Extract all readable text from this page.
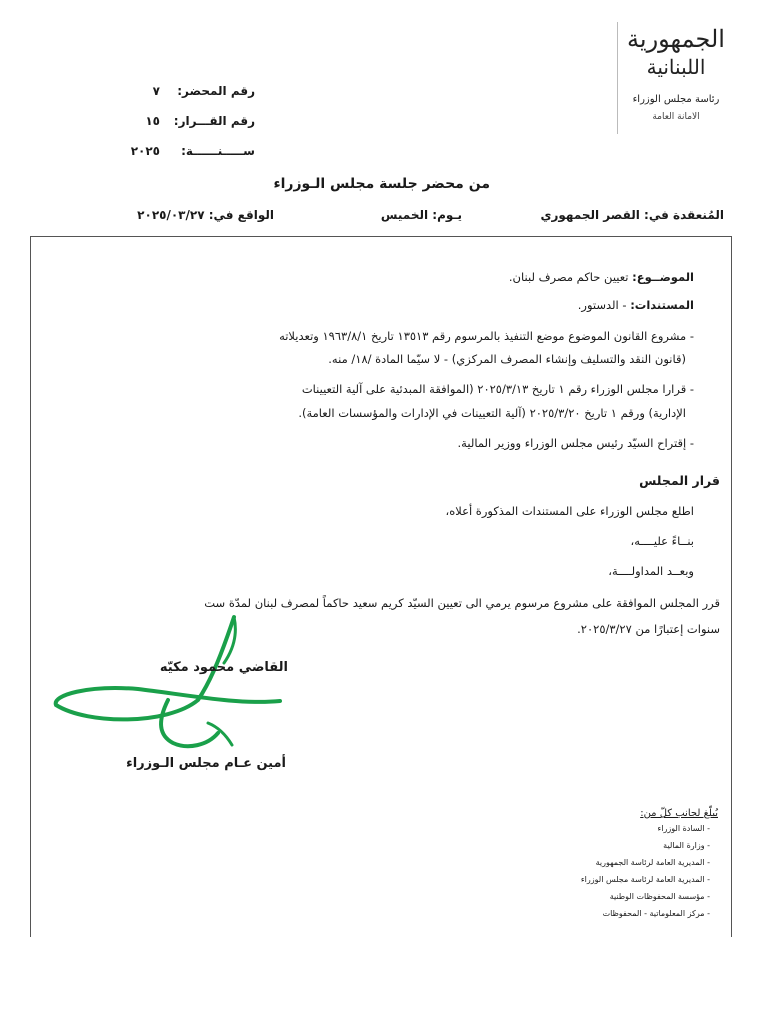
الجمهورية
اللبنانية
رئاسة مجلس الوزراء
الامانة العامة
رقم المحضر:
٧
رقم القـــرار:
١٥
ســـــنــــــة:
٢٠٢٥
من محضر جلسة مجلس الـوزراء
المُنعقدة في: القصر الجمهوري
يـوم: الخميس
الواقع في: ٢٠٢٥/٠٣/٢٧
الموضــوع: تعيين حاكم مصرف لبنان.
المستندات: - الدستور.
- مشروع القانون الموضوع موضع التنفيذ بالمرسوم رقم ١٣٥١٣ تاريخ ١٩٦٣/٨/١ وتعديلاته
(قانون النقد والتسليف وإنشاء المصرف المركزي) - لا سيّما المادة /١٨/ منه.
- قرارا مجلس الوزراء رقم ١ تاريخ ٢٠٢٥/٣/١٣ (الموافقة المبدئية على آلية التعيينات
الإدارية) ورقم ١ تاريخ ٢٠٢٥/٣/٢٠ (آلية التعيينات في الإدارات والمؤسسات العامة).
- إقتراح السيّد رئيس مجلس الوزراء ووزير المالية.
قرار المجلس
اطلع مجلس الوزراء على المستندات المذكورة أعلاه،
بنــاءً عليــــه،
وبعــد المداولــــة،
قرر المجلس الموافقة على مشروع مرسوم يرمي الى تعيين السيّد كريم سعيد حاكماً لمصرف لبنان لمدّة ست
سنوات إعتبارًا من ٢٠٢٥/٣/٢٧.
القاضي محمود مكيّه
أمين عـام مجلس الـوزراء
يُبلّغ لجانب كلّ من:
- السادة الوزراء
- وزارة المالية
- المديرية العامة لرئاسة الجمهورية
- المديرية العامة لرئاسة مجلس الوزراء
- مؤسسة المحفوظات الوطنية
- مركز المعلوماتية - المحفوظات
